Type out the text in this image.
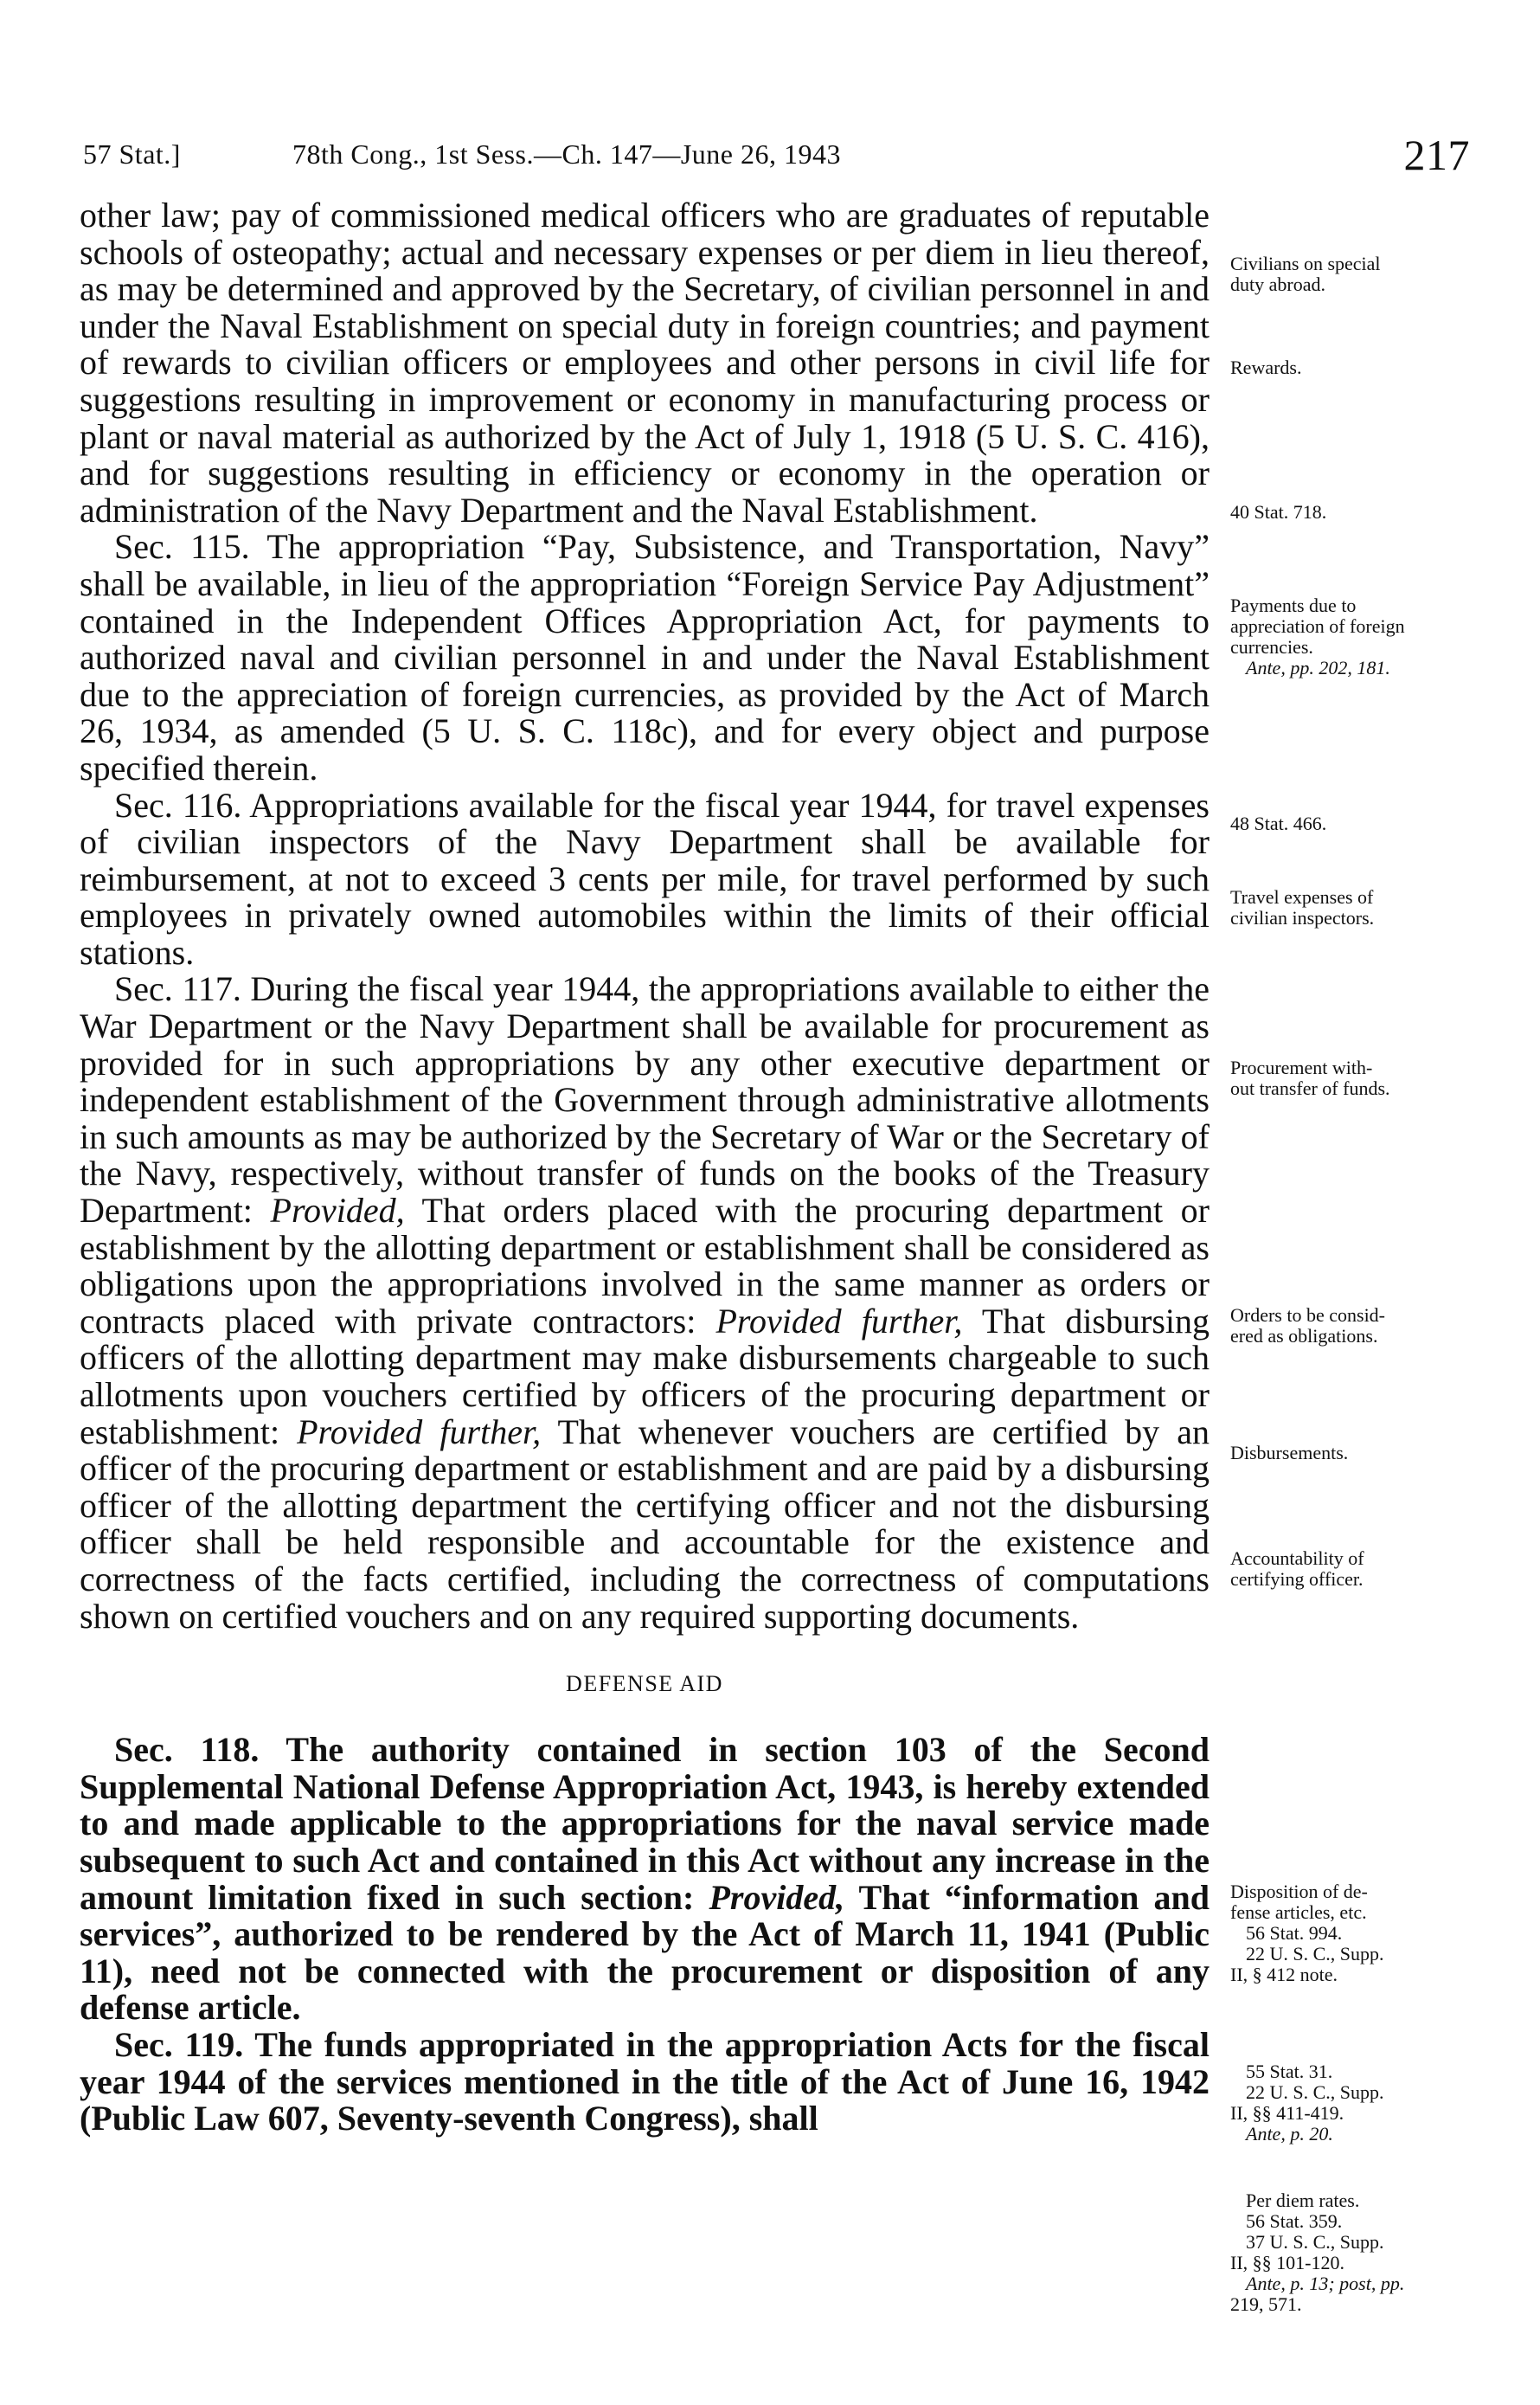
57 Stat.]	78th Cong., 1st Sess.—Ch. 147—June 26, 1943	217

other law; pay of commissioned medical officers who are graduates of reputable schools of osteopathy; actual and necessary expenses or per diem in lieu thereof, as may be determined and approved by the Secretary, of civilian personnel in and under the Naval Establishment on special duty in foreign countries; and payment of rewards to civilian officers or employees and other persons in civil life for suggestions resulting in improvement or economy in manufacturing process or plant or naval material as authorized by the Act of July 1, 1918 (5 U. S. C. 416), and for suggestions resulting in efficiency or economy in the operation or administration of the Navy Department and the Naval Establishment.

Sec. 115. The appropriation “Pay, Subsistence, and Transportation, Navy” shall be available, in lieu of the appropriation “Foreign Service Pay Adjustment” contained in the Independent Offices Appropriation Act, for payments to authorized naval and civilian personnel in and under the Naval Establishment due to the appreciation of foreign currencies, as provided by the Act of March 26, 1934, as amended (5 U. S. C. 118c), and for every object and purpose specified therein.

Sec. 116. Appropriations available for the fiscal year 1944, for travel expenses of civilian inspectors of the Navy Department shall be available for reimbursement, at not to exceed 3 cents per mile, for travel performed by such employees in privately owned automobiles within the limits of their official stations.

Sec. 117. During the fiscal year 1944, the appropriations available to either the War Department or the Navy Department shall be available for procurement as provided for in such appropriations by any other executive department or independent establishment of the Government through administrative allotments in such amounts as may be authorized by the Secretary of War or the Secretary of the Navy, respectively, without transfer of funds on the books of the Treasury Department: Provided, That orders placed with the procuring department or establishment by the allotting department or establishment shall be considered as obligations upon the appropriations involved in the same manner as orders or contracts placed with private contractors: Provided further, That disbursing officers of the allotting department may make disbursements chargeable to such allotments upon vouchers certified by officers of the procuring department or establishment: Provided further, That whenever vouchers are certified by an officer of the procuring department or establishment and are paid by a disbursing officer of the allotting department the certifying officer and not the disbursing officer shall be held responsible and accountable for the existence and correctness of the facts certified, including the correctness of computations shown on certified vouchers and on any required supporting documents.

DEFENSE AID

Sec. 118. The authority contained in section 103 of the Second Supplemental National Defense Appropriation Act, 1943, is hereby extended to and made applicable to the appropriations for the naval service made subsequent to such Act and contained in this Act without any increase in the amount limitation fixed in such section: Provided, That “information and services”, authorized to be rendered by the Act of March 11, 1941 (Public 11), need not be connected with the procurement or disposition of any defense article.

Sec. 119. The funds appropriated in the appropriation Acts for the fiscal year 1944 of the services mentioned in the title of the Act of June 16, 1942 (Public Law 607, Seventy-seventh Congress), shall

Civilians on special
duty abroad.
Rewards.
40 Stat. 718.
Payments due to
appreciation of foreign
currencies.
Ante, pp. 202, 181.
48 Stat. 466.
Travel expenses of
civilian inspectors.
Procurement with-
out transfer of funds.
Orders to be consid-
ered as obligations.
Disbursements.
Accountability of
certifying officer.
Disposition of de-
fense articles, etc.
56 Stat. 994.
22 U. S. C., Supp.
II, § 412 note.
55 Stat. 31.
22 U. S. C., Supp.
II, §§ 411-419.
Ante, p. 20.
Per diem rates.
56 Stat. 359.
37 U. S. C., Supp.
II, §§ 101-120.
Ante, p. 13; post, pp.
219, 571.
